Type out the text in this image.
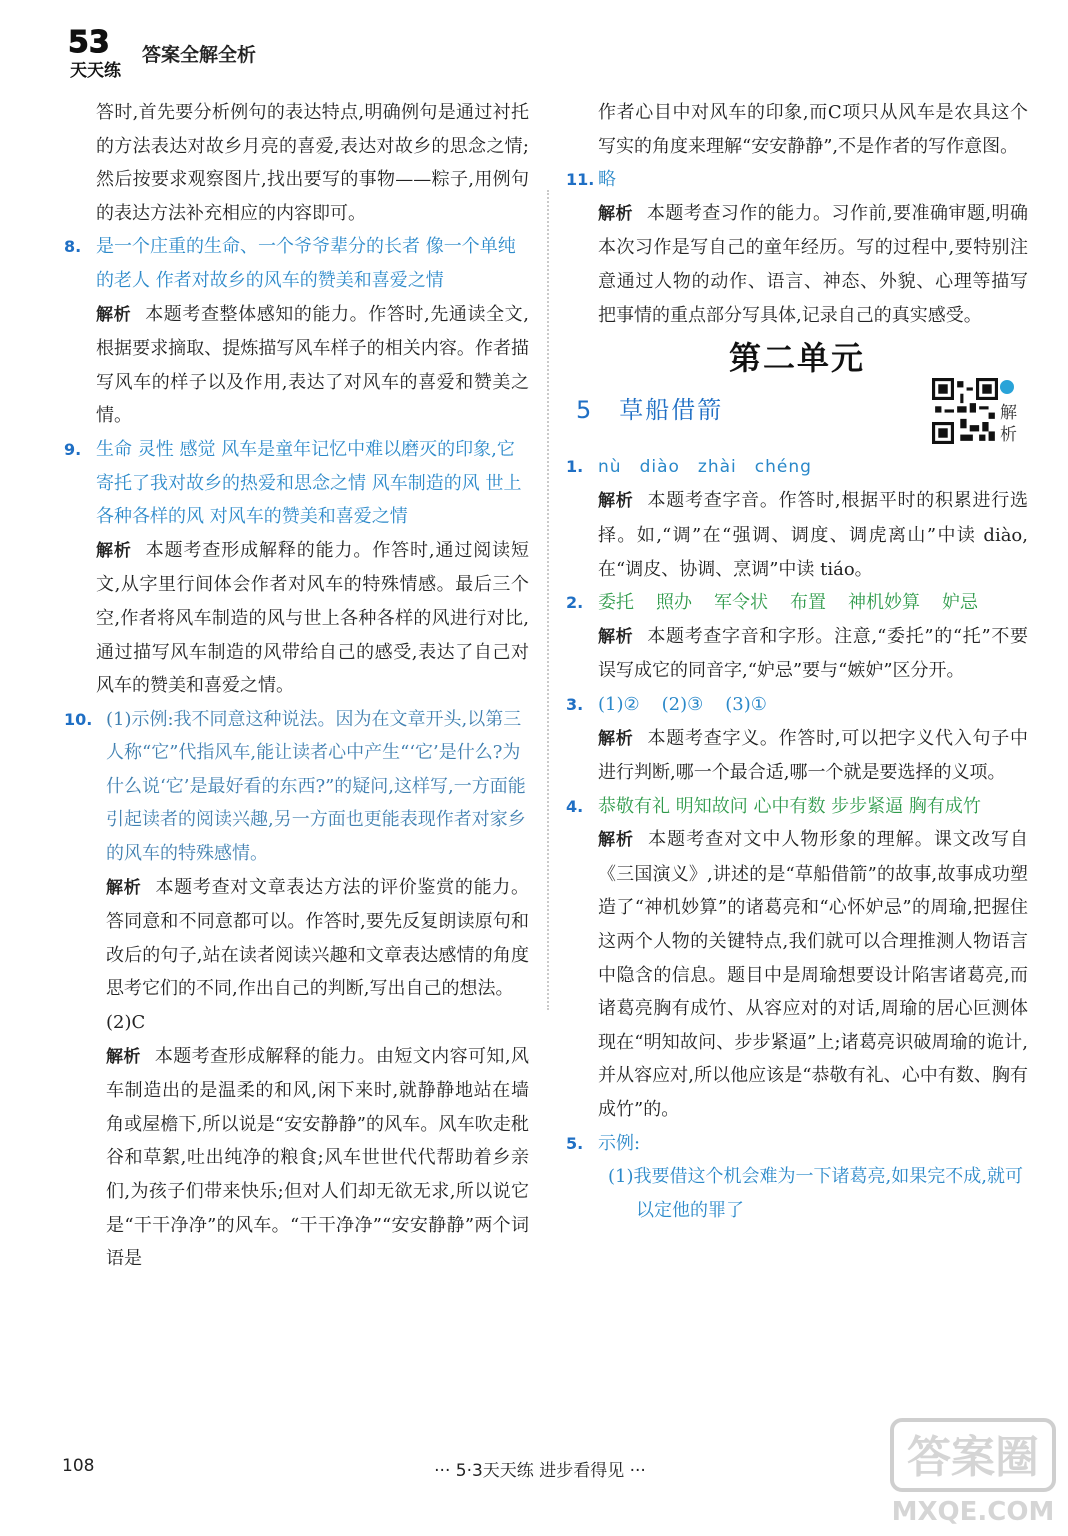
53
天天练
答案全解全析

答时,首先要分析例句的表达特点,明确例句是通过衬托的方法表达对故乡月亮的喜爱,表达对故乡的思念之情;然后按要求观察图片,找出要写的事物——粽子,用例句的表达方法补充相应的内容即可。

8. 是一个庄重的生命、一个爷爷辈分的长者 像一个单纯的老人 作者对故乡的风车的赞美和喜爱之情

解析 本题考查整体感知的能力。作答时,先通读全文,根据要求摘取、提炼描写风车样子的相关内容。作者描写风车的样子以及作用,表达了对风车的喜爱和赞美之情。

9. 生命 灵性 感觉 风车是童年记忆中难以磨灭的印象,它寄托了我对故乡的热爱和思念之情 风车制造的风 世上各种各样的风 对风车的赞美和喜爱之情

解析 本题考查形成解释的能力。作答时,通过阅读短文,从字里行间体会作者对风车的特殊情感。最后三个空,作者将风车制造的风与世上各种各样的风进行对比,通过描写风车制造的风带给自己的感受,表达了自己对风车的赞美和喜爱之情。

10. (1)示例:我不同意这种说法。因为在文章开头,以第三人称“它”代指风车,能让读者心中产生“‘它’是什么?为什么说‘它’是最好看的东西?”的疑问,这样写,一方面能引起读者的阅读兴趣,另一方面也更能表现作者对家乡的风车的特殊感情。

解析 本题考查对文章表达方法的评价鉴赏的能力。答同意和不同意都可以。作答时,要先反复朗读原句和改后的句子,站在读者阅读兴趣和文章表达感情的角度思考它们的不同,作出自己的判断,写出自己的想法。

(2)C

解析 本题考查形成解释的能力。由短文内容可知,风车制造出的是温柔的和风,闲下来时,就静静地站在墙角或屋檐下,所以说是“安安静静”的风车。风车吹走秕谷和草絮,吐出纯净的粮食;风车世世代代帮助着乡亲们,为孩子们带来快乐;但对人们却无欲无求,所以说它是“干干净净”的风车。“干干净净”“安安静静”两个词语是

作者心目中对风车的印象,而C项只从风车是农具这个写实的角度来理解“安安静静”,不是作者的写作意图。

11. 略

解析 本题考查习作的能力。习作前,要准确审题,明确本次习作是写自己的童年经历。写的过程中,要特别注意通过人物的动作、语言、神态、外貌、心理等描写把事情的重点部分写具体,记录自己的真实感受。

第二单元
5 草船借箭	解析
1. nù diào zhài chéng

解析 本题考查字音。作答时,根据平时的积累进行选择。如,“调”在“强调、调度、调虎离山”中读 diào,在“调皮、协调、烹调”中读 tiáo。

2. 委托 照办 军令状 布置 神机妙算 妒忌

解析 本题考查字音和字形。注意,“委托”的“托”不要误写成它的同音字,“妒忌”要与“嫉妒”区分开。

3. (1)② (2)③ (3)①

解析 本题考查字义。作答时,可以把字义代入句子中进行判断,哪一个最合适,哪一个就是要选择的义项。

4. 恭敬有礼 明知故问 心中有数 步步紧逼 胸有成竹

解析 本题考查对文中人物形象的理解。课文改写自《三国演义》,讲述的是“草船借箭”的故事,故事成功塑造了“神机妙算”的诸葛亮和“心怀妒忌”的周瑜,把握住这两个人物的关键特点,我们就可以合理推测人物语言中隐含的信息。题目中是周瑜想要设计陷害诸葛亮,而诸葛亮胸有成竹、从容应对的对话,周瑜的居心叵测体现在“明知故问、步步紧逼”上;诸葛亮识破周瑜的诡计,并从容应对,所以他应该是“恭敬有礼、心中有数、胸有成竹”的。

5. 示例:

(1)我要借这个机会难为一下诸葛亮,如果完不成,就可以定他的罪了

108	··· 5·3天天练 进步看得见 ···	答案圈
MXQE.COM
